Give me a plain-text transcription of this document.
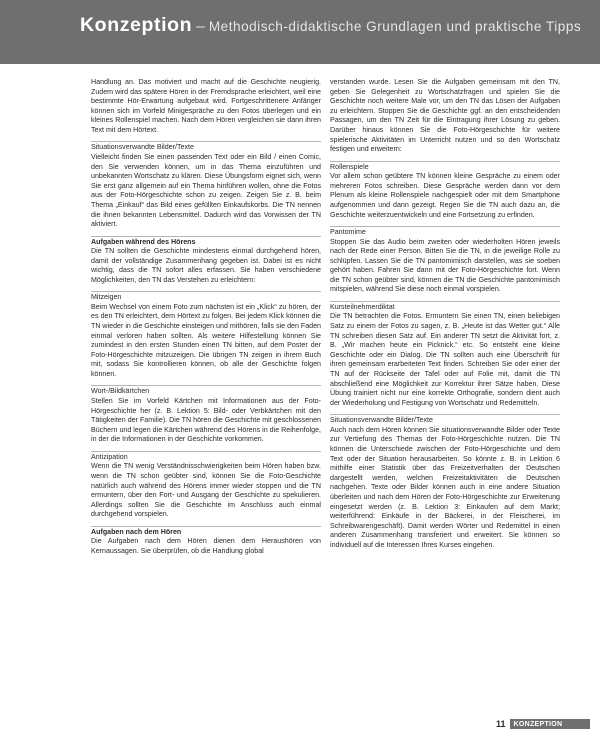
Konzeption – Methodisch-didaktische Grundlagen und praktische Tipps

Handlung an. Das motiviert und macht auf die Geschichte neugierig. Zudem wird das spätere Hören in der Fremdsprache erleichtert, weil eine bestimmte Hör-Erwartung aufgebaut wird. Fortgeschrittenere Anfänger können sich im Vorfeld Minigespräche zu den Fotos überlegen und ein kleines Rollenspiel machen. Nach dem Hören vergleichen sie dann ihren Text mit dem Hörtext.

Situationsverwandte Bilder/Texte
Vielleicht finden Sie einen passenden Text oder ein Bild / einen Comic, den Sie verwenden können, um in das Thema einzuführen und unbekannten Wortschatz zu klären. Diese Übungsform eignet sich, wenn Sie erst ganz allgemein auf ein Thema hinführen wollen, ohne die Fotos aus der Foto-Hörgeschichte schon zu zeigen. Zeigen Sie z. B. beim Thema „Einkauf“ das Bild eines gefüllten Einkaufskorbs. Die TN nennen die ihnen bekannten Lebensmittel. Dadurch wird das Vorwissen der TN aktiviert.

Aufgaben während des Hörens
Die TN sollten die Geschichte mindestens einmal durchgehend hören, damit der vollständige Zusammenhang gegeben ist. Dabei ist es nicht wichtig, dass die TN sofort alles erfassen. Sie haben verschiedene Möglichkeiten, den TN das Verstehen zu erleichtern:

Mitzeigen
Beim Wechsel von einem Foto zum nächsten ist ein „Klick“ zu hören, der es den TN erleichtert, dem Hörtext zu folgen. Bei jedem Klick können die TN wieder in die Geschichte einsteigen und mithören, falls sie den Faden einmal verloren haben sollten. Als weitere Hilfestellung können Sie zumindest in den ersten Stunden einen TN bitten, auf dem Poster der Foto-Hörgeschichte mitzuzeigen. Die übrigen TN zeigen in ihrem Buch mit, sodass Sie kontrollieren können, ob alle der Geschichte folgen können.

Wort-/Bildkärtchen
Stellen Sie im Vorfeld Kärtchen mit Informationen aus der Foto-Hörgeschichte her (z. B. Lektion 5: Bild- oder Verbkärtchen mit den Tätigkeiten der Familie). Die TN hören die Geschichte mit geschlossenen Büchern und legen die Kärtchen während des Hörens in die Reihenfolge, in der die Informationen in der Geschichte vorkommen.

Antizipation
Wenn die TN wenig Verständnisschwierigkeiten beim Hören haben bzw. wenn die TN schon geübter sind, können Sie die Foto-Geschichte natürlich auch während des Hörens immer wieder stoppen und die TN ermuntern, über den Fort- und Ausgang der Geschichte zu spekulieren. Allerdings sollten Sie die Geschichte im Anschluss auch einmal durchgehend vorspielen.

Aufgaben nach dem Hören
Die Aufgaben nach dem Hören dienen dem Heraushören von Kernaussagen. Sie überprüfen, ob die Handlung global

verstanden wurde. Lesen Sie die Aufgaben gemeinsam mit den TN, geben Sie Gelegenheit zu Wortschatzfragen und spielen Sie die Geschichte noch weitere Male vor, um den TN das Lösen der Aufgaben zu erleichtern. Stoppen Sie die Geschichte ggf. an den entscheidenden Passagen, um den TN Zeit für die Eintragung ihrer Lösung zu geben. Darüber hinaus können Sie die Foto-Hörgeschichte für weitere spielerische Aktivitäten im Unterricht nutzen und so den Wortschatz festigen und erweitern:

Rollenspiele
Vor allem schon geübtere TN können kleine Gespräche zu einem oder mehreren Fotos schreiben. Diese Gespräche werden dann vor dem Plenum als kleine Rollenspiele nachgespielt oder mit dem Smartphone aufgenommen und dann gezeigt. Regen Sie die TN auch dazu an, die Geschichte weiterzuentwickeln und eine Fortsetzung zu erfinden.

Pantomime
Stoppen Sie das Audio beim zweiten oder wiederholten Hören jeweils nach der Rede einer Person. Bitten Sie die TN, in die jeweilige Rolle zu schlüpfen. Lassen Sie die TN pantomimisch darstellen, was sie soeben gehört haben. Fahren Sie dann mit der Foto-Hörgeschichte fort. Wenn die TN schon geübter sind, können die TN die Geschichte pantomimisch mitspielen, während Sie diese noch einmal vorspielen.

Kursteilnehmerdiktat
Die TN betrachten die Fotos. Ermuntern Sie einen TN, einen beliebigen Satz zu einem der Fotos zu sagen, z. B. „Heute ist das Wetter gut.“ Alle TN schreiben diesen Satz auf. Ein anderer TN setzt die Aktivität fort, z. B. „Wir machen heute ein Picknick.“ etc. So entsteht eine kleine Geschichte oder ein Dialog. Die TN sollten auch eine Überschrift für ihren gemeinsam erarbeiteten Text finden. Schreiben Sie oder einer der TN auf der Rückseite der Tafel oder auf Folie mit, damit die TN abschließend eine Möglichkeit zur Korrektur ihrer Sätze haben. Diese Übung trainiert nicht nur eine korrekte Orthografie, sondern dient auch der Wiederholung und Festigung von Wortschatz und Redemitteln.

Situationsverwandte Bilder/Texte
Auch nach dem Hören können Sie situationsverwandte Bilder oder Texte zur Vertiefung des Themas der Foto-Hörgeschichte nutzen. Die TN können die Unterschiede zwischen der Foto-Hörgeschichte und dem Text oder der Situation herausarbeiten. So könnte z. B. in Lektion 6 mithilfe einer Statistik über das Freizeitverhalten der Deutschen dargestellt werden, welchen Freizeitaktivitäten die Deutschen nachgehen. Texte oder Bilder können auch in eine andere Situation überleiten und nach dem Hören der Foto-Hörgeschichte zur Erweiterung eingesetzt werden (z. B. Lektion 3: Einkaufen auf dem Markt; weiterführend: Einkäufe in der Bäckerei, in der Fleischerei, im Schreibwarengeschäft). Damit werden Wörter und Redemittel in einen anderen Zusammenhang transferiert und erweitert. Sie können so individuell auf die Interessen Ihres Kurses eingehen.

11	KONZEPTION
